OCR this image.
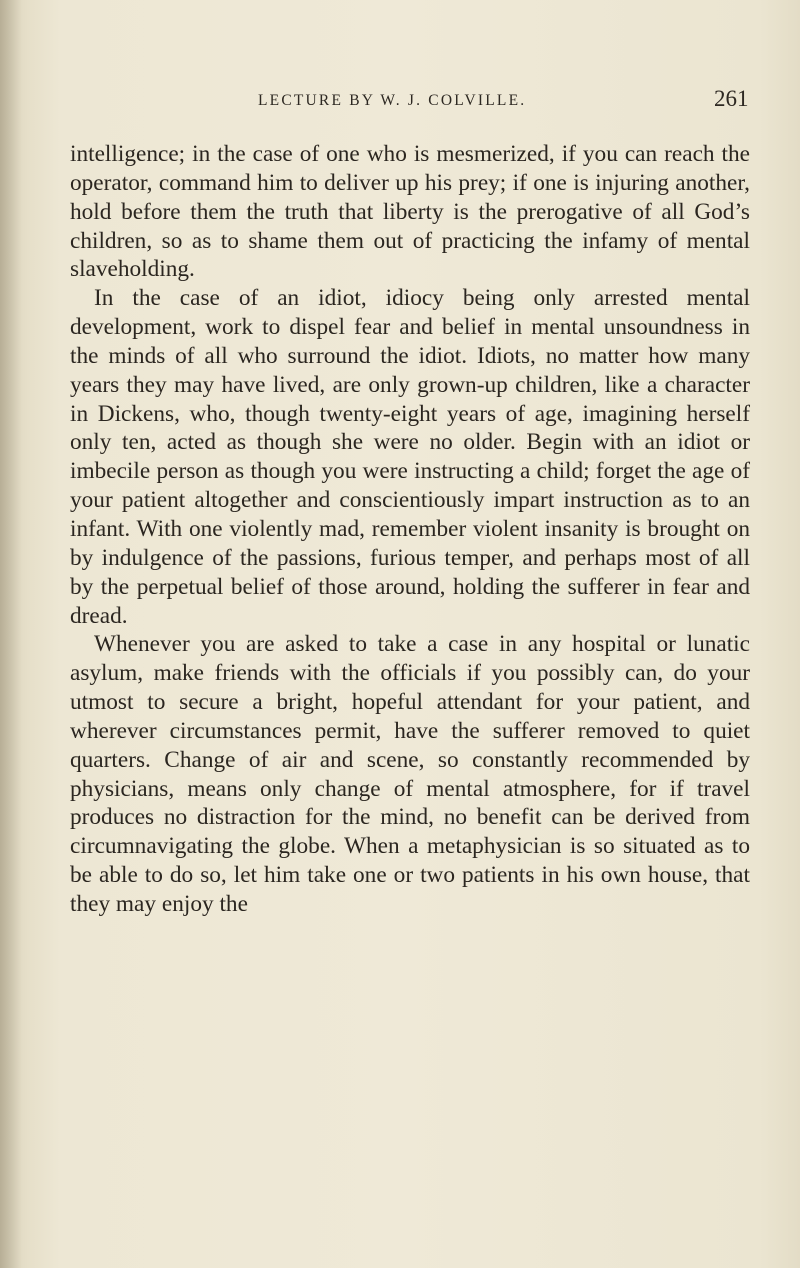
LECTURE BY W. J. COLVILLE.	261

intelligence; in the case of one who is mesmerized, if you can reach the operator, command him to deliver up his prey; if one is injuring another, hold before them the truth that liberty is the prerogative of all God’s children, so as to shame them out of practicing the infamy of mental slaveholding.

In the case of an idiot, idiocy being only arrested mental development, work to dispel fear and belief in mental unsoundness in the minds of all who surround the idiot. Idiots, no matter how many years they may have lived, are only grown-up children, like a character in Dickens, who, though twenty-eight years of age, imagining herself only ten, acted as though she were no older. Begin with an idiot or imbecile person as though you were instructing a child; forget the age of your patient altogether and conscientiously impart instruction as to an infant. With one violently mad, remember violent insanity is brought on by indulgence of the passions, furious temper, and perhaps most of all by the perpetual belief of those around, holding the sufferer in fear and dread.

Whenever you are asked to take a case in any hospital or lunatic asylum, make friends with the officials if you possibly can, do your utmost to secure a bright, hopeful attendant for your patient, and wherever circumstances permit, have the sufferer removed to quiet quarters. Change of air and scene, so constantly recommended by physicians, means only change of mental atmosphere, for if travel produces no distraction for the mind, no benefit can be derived from circumnavigating the globe. When a metaphysician is so situated as to be able to do so, let him take one or two patients in his own house, that they may enjoy the
